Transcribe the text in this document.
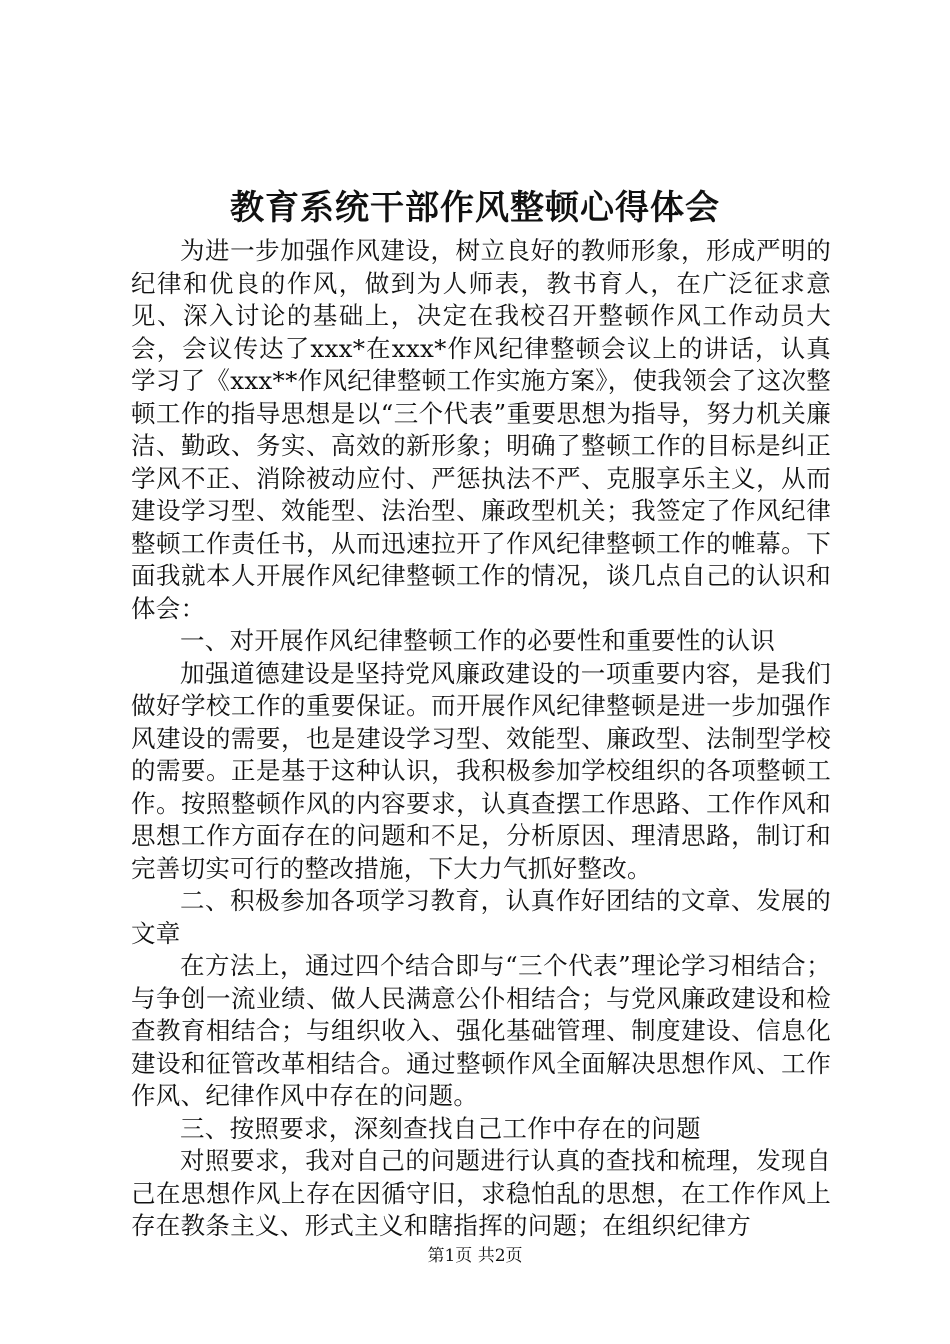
教育系统干部作风整顿心得体会

为进一步加强作风建设，树立良好的教师形象，形成严明的纪律和优良的作风，做到为人师表，教书育人，在广泛征求意见、深入讨论的基础上，决定在我校召开整顿作风工作动员大会，会议传达了xxx*在xxx*作风纪律整顿会议上的讲话，认真学习了《xxx**作风纪律整顿工作实施方案》，使我领会了这次整顿工作的指导思想是以“三个代表”重要思想为指导，努力机关廉洁、勤政、务实、高效的新形象；明确了整顿工作的目标是纠正学风不正、消除被动应付、严惩执法不严、克服享乐主义，从而建设学习型、效能型、法治型、廉政型机关；我签定了作风纪律整顿工作责任书，从而迅速拉开了作风纪律整顿工作的帷幕。下面我就本人开展作风纪律整顿工作的情况，谈几点自己的认识和体会：

一、对开展作风纪律整顿工作的必要性和重要性的认识

加强道德建设是坚持党风廉政建设的一项重要内容，是我们做好学校工作的重要保证。而开展作风纪律整顿是进一步加强作风建设的需要，也是建设学习型、效能型、廉政型、法制型学校的需要。正是基于这种认识，我积极参加学校组织的各项整顿工作。按照整顿作风的内容要求，认真查摆工作思路、工作作风和思想工作方面存在的问题和不足，分析原因、理清思路，制订和完善切实可行的整改措施，下大力气抓好整改。

二、积极参加各项学习教育，认真作好团结的文章、发展的文章

在方法上，通过四个结合即与“三个代表”理论学习相结合；与争创一流业绩、做人民满意公仆相结合；与党风廉政建设和检查教育相结合；与组织收入、强化基础管理、制度建设、信息化建设和征管改革相结合。通过整顿作风全面解决思想作风、工作作风、纪律作风中存在的问题。

三、按照要求，深刻查找自己工作中存在的问题

对照要求，我对自己的问题进行认真的查找和梳理，发现自己在思想作风上存在因循守旧，求稳怕乱的思想，在工作作风上存在教条主义、形式主义和瞎指挥的问题；在组织纪律方

第1页 共2页
